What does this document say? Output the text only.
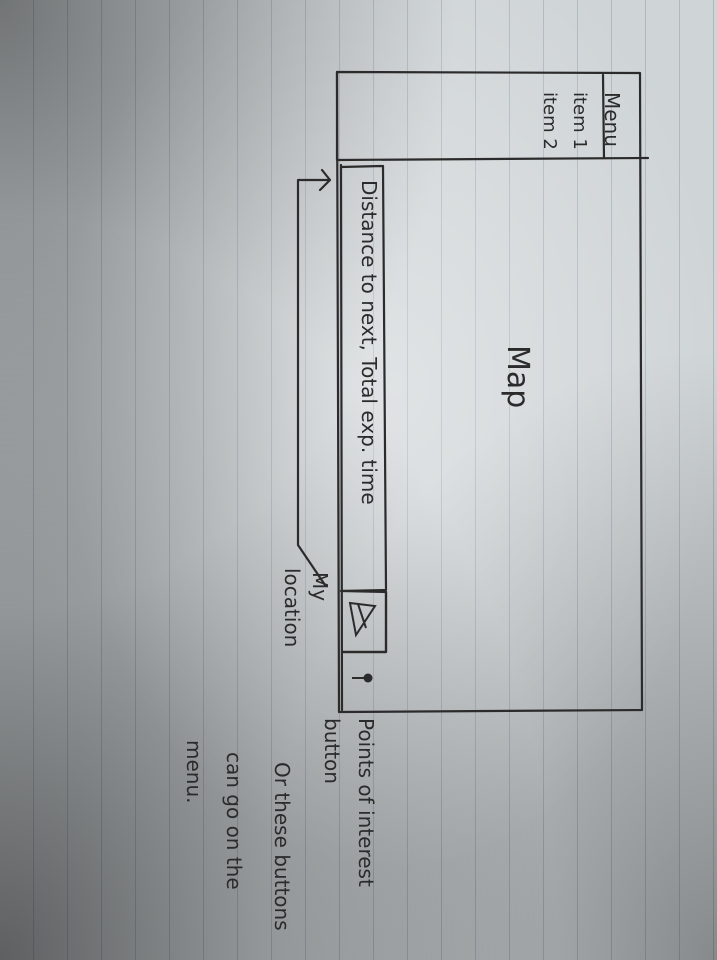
Menu
item 1
item 2
Map
Distance to next, Total exp. time
My
location
Points of interest
button
Or these buttons
can go on the
menu.
